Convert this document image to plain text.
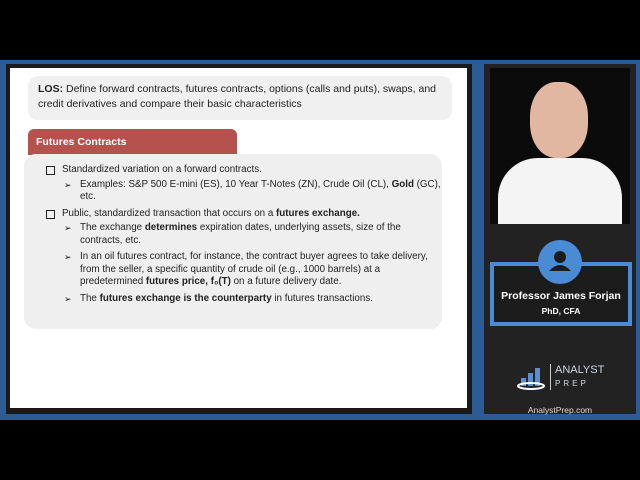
LOS: Define forward contracts, futures contracts, options (calls and puts), swaps, and credit derivatives and compare their basic characteristics
Futures Contracts
Standardized variation on a forward contracts.
➢ Examples: S&P 500 E-mini (ES), 10 Year T-Notes (ZN), Crude Oil (CL), Gold (GC), etc.
Public, standardized transaction that occurs on a futures exchange.
➢ The exchange determines expiration dates, underlying assets, size of the contracts, etc.
➢ In an oil futures contract, for instance, the contract buyer agrees to take delivery, from the seller, a specific quantity of crude oil (e.g., 1000 barrels) at a predetermined futures price, f₀(T) on a future delivery date.
➢ The futures exchange is the counterparty in futures transactions.	Professor James Forjan
PhD, CFA
ANALYST
PREP
AnalystPrep.com
